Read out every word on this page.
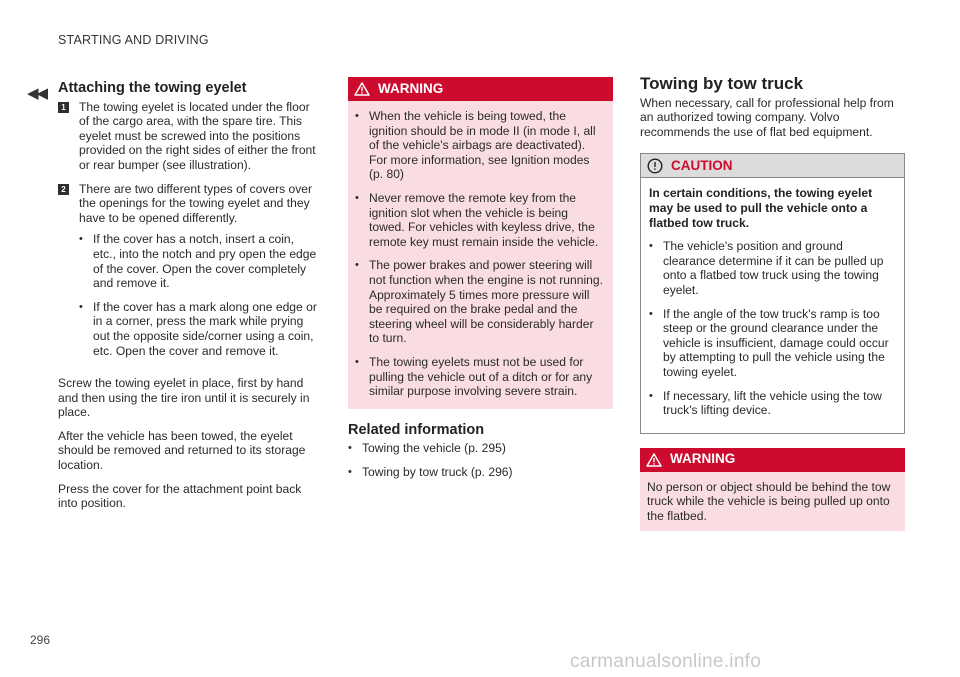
STARTING AND DRIVING
◀◀ Attaching the towing eyelet
1 The towing eyelet is located under the floor of the cargo area, with the spare tire. This eyelet must be screwed into the positions provided on the right sides of either the front or rear bumper (see illustration).
2 There are two different types of covers over the openings for the towing eyelet and they have to be opened differently.
• If the cover has a notch, insert a coin, etc., into the notch and pry open the edge of the cover. Open the cover completely and remove it.
• If the cover has a mark along one edge or in a corner, press the mark while prying out the opposite side/corner using a coin, etc. Open the cover and remove it.

Screw the towing eyelet in place, first by hand and then using the tire iron until it is securely in place.

After the vehicle has been towed, the eyelet should be removed and returned to its storage location.

Press the cover for the attachment point back into position.

WARNING
• When the vehicle is being towed, the ignition should be in mode II (in mode I, all of the vehicle's airbags are deactivated). For more information, see Ignition modes (p. 80)
• Never remove the remote key from the ignition slot when the vehicle is being towed. For vehicles with keyless drive, the remote key must remain inside the vehicle.
• The power brakes and power steering will not function when the engine is not running. Approximately 5 times more pressure will be required on the brake pedal and the steering wheel will be considerably harder to turn.
• The towing eyelets must not be used for pulling the vehicle out of a ditch or for any similar purpose involving severe strain.
Related information
• Towing the vehicle (p. 295)
• Towing by tow truck (p. 296)
Towing by tow truck

When necessary, call for professional help from an authorized towing company. Volvo recommends the use of flat bed equipment.

CAUTION
In certain conditions, the towing eyelet may be used to pull the vehicle onto a flatbed tow truck.
• The vehicle's position and ground clearance determine if it can be pulled up onto a flatbed tow truck using the towing eyelet.
• If the angle of the tow truck's ramp is too steep or the ground clearance under the vehicle is insufficient, damage could occur by attempting to pull the vehicle using the towing eyelet.
• If necessary, lift the vehicle using the tow truck's lifting device.
WARNING
No person or object should be behind the tow truck while the vehicle is being pulled up onto the flatbed.
296
carmanualsonline.info
